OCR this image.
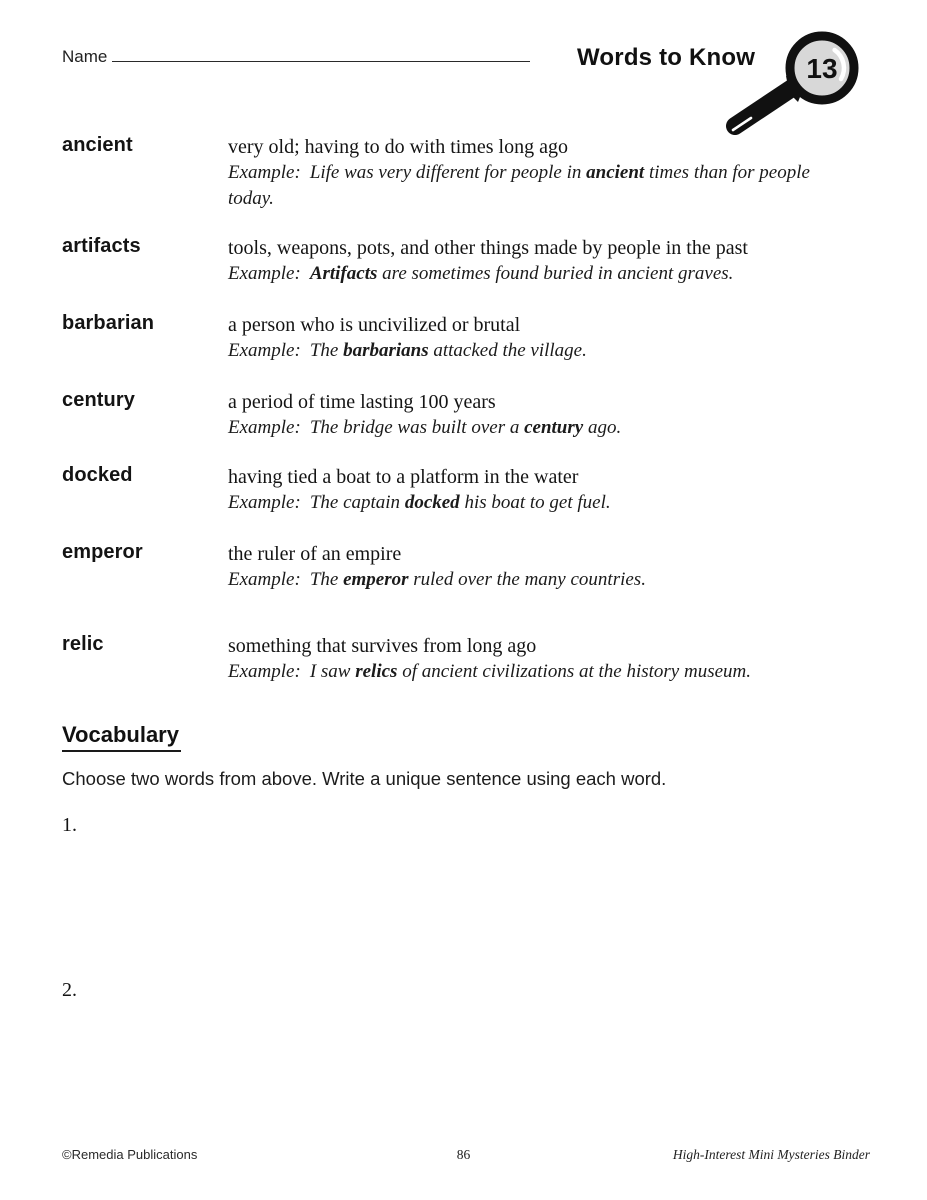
Name	Words to Know 13
ancient	very old; having to do with times long ago
Example: Life was very different for people in ancient times than for people today.
artifacts	tools, weapons, pots, and other things made by people in the past
Example: Artifacts are sometimes found buried in ancient graves.
barbarian	a person who is uncivilized or brutal
Example: The barbarians attacked the village.
century	a period of time lasting 100 years
Example: The bridge was built over a century ago.
docked	having tied a boat to a platform in the water
Example: The captain docked his boat to get fuel.
emperor	the ruler of an empire
Example: The emperor ruled over the many countries.
relic	something that survives from long ago
Example: I saw relics of ancient civilizations at the history museum.
Vocabulary
Choose two words from above. Write a unique sentence using each word.
1.
2.
©Remedia Publications	86	High-Interest Mini Mysteries Binder
